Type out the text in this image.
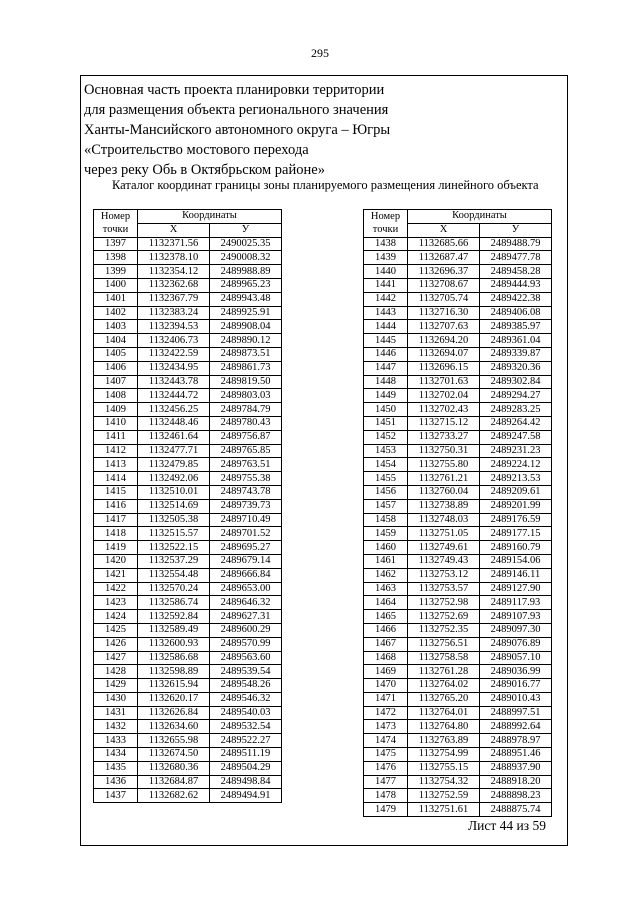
295
Основная часть проекта планировки территории
для размещения объекта регионального значения
Ханты-Мансийского автономного округа – Югры
«Строительство мостового перехода
через реку Обь в Октябрьском районе»
Каталог координат границы зоны планируемого размещения линейного объекта
Номер
точки	Координаты	
	X	У
1397	1132371.56	2490025.35
1398	1132378.10	2490008.32
1399	1132354.12	2489988.89
1400	1132362.68	2489965.23
1401	1132367.79	2489943.48
1402	1132383.24	2489925.91
1403	1132394.53	2489908.04
1404	1132406.73	2489890.12
1405	1132422.59	2489873.51
1406	1132434.95	2489861.73
1407	1132443.78	2489819.50
1408	1132444.72	2489803.03
1409	1132456.25	2489784.79
1410	1132448.46	2489780.43
1411	1132461.64	2489756.87
1412	1132477.71	2489765.85
1413	1132479.85	2489763.51
1414	1132492.06	2489755.38
1415	1132510.01	2489743.78
1416	1132514.69	2489739.73
1417	1132505.38	2489710.49
1418	1132515.57	2489701.52
1419	1132522.15	2489695.27
1420	1132537.29	2489679.14
1421	1132554.48	2489666.84
1422	1132570.24	2489653.00
1423	1132586.74	2489646.32
1424	1132592.84	2489627.31
1425	1132589.49	2489600.29
1426	1132600.93	2489570.99
1427	1132586.68	2489563.60
1428	1132598.89	2489539.54
1429	1132615.94	2489548.26
1430	1132620.17	2489546.32
1431	1132626.84	2489540.03
1432	1132634.60	2489532.54
1433	1132655.98	2489522.27
1434	1132674.50	2489511.19
1435	1132680.36	2489504.29
1436	1132684.87	2489498.84
1437	1132682.62	2489494.91
Номер
точки	Координаты	
	X	У
1438	1132685.66	2489488.79
1439	1132687.47	2489477.78
1440	1132696.37	2489458.28
1441	1132708.67	2489444.93
1442	1132705.74	2489422.38
1443	1132716.30	2489406.08
1444	1132707.63	2489385.97
1445	1132694.20	2489361.04
1446	1132694.07	2489339.87
1447	1132696.15	2489320.36
1448	1132701.63	2489302.84
1449	1132702.04	2489294.27
1450	1132702.43	2489283.25
1451	1132715.12	2489264.42
1452	1132733.27	2489247.58
1453	1132750.31	2489231.23
1454	1132755.80	2489224.12
1455	1132761.21	2489213.53
1456	1132760.04	2489209.61
1457	1132738.89	2489201.99
1458	1132748.03	2489176.59
1459	1132751.05	2489177.15
1460	1132749.61	2489160.79
1461	1132749.43	2489154.06
1462	1132753.12	2489146.11
1463	1132753.57	2489127.90
1464	1132752.98	2489117.93
1465	1132752.69	2489107.93
1466	1132752.35	2489097.30
1467	1132756.51	2489076.89
1468	1132758.58	2489057.10
1469	1132761.28	2489036.99
1470	1132764.02	2489016.77
1471	1132765.20	2489010.43
1472	1132764.01	2488997.51
1473	1132764.80	2488992.64
1474	1132763.89	2488978.97
1475	1132754.99	2488951.46
1476	1132755.15	2488937.90
1477	1132754.32	2488918.20
1478	1132752.59	2488898.23
1479	1132751.61	2488875.74
Лист 44 из 59
